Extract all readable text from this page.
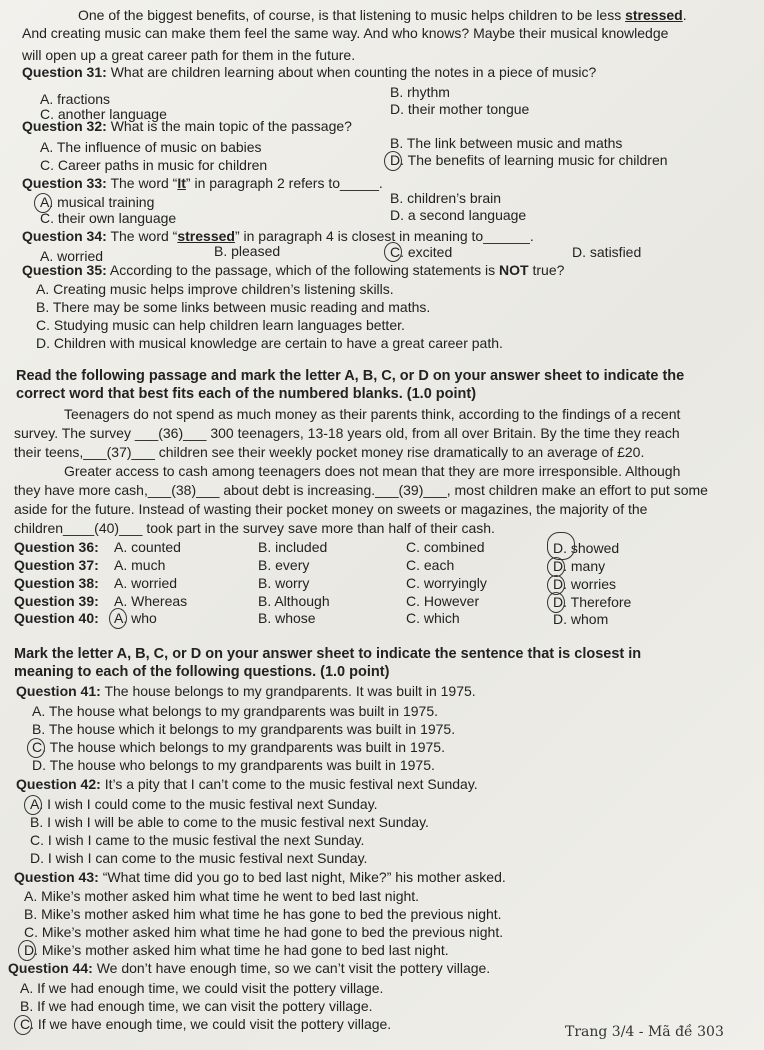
One of the biggest benefits, of course, is that listening to music helps children to be less stressed.
And creating music can make them feel the same way. And who knows? Maybe their musical knowledge
will open up a great career path for them in the future.
Question 31: What are children learning about when counting the notes in a piece of music?
A. fractions	B. rhythm
C. another language	D. their mother tongue
Question 32: What is the main topic of the passage?
A. The influence of music on babies	B. The link between music and maths
C. Career paths in music for children	D. The benefits of learning music for children
Question 33: The word “It” in paragraph 2 refers to_____.
A. musical training	B. children’s brain
C. their own language	D. a second language
Question 34: The word “stressed” in paragraph 4 is closest in meaning to______.
A. worried	B. pleased	C. excited	D. satisfied
Question 35: According to the passage, which of the following statements is NOT true?
A. Creating music helps improve children’s listening skills.
B. There may be some links between music reading and maths.
C. Studying music can help children learn languages better.
D. Children with musical knowledge are certain to have a great career path.
Read the following passage and mark the letter A, B, C, or D on your answer sheet to indicate the
correct word that best fits each of the numbered blanks. (1.0 point)
Teenagers do not spend as much money as their parents think, according to the findings of a recent
survey. The survey ___(36)___ 300 teenagers, 13-18 years old, from all over Britain. By the time they reach
their teens,___(37)___ children see their weekly pocket money rise dramatically to an average of £20.
Greater access to cash among teenagers does not mean that they are more irresponsible. Although
they have more cash,___(38)___ about debt is increasing.___(39)___, most children make an effort to put some
aside for the future. Instead of wasting their pocket money on sweets or magazines, the majority of the
children____(40)___ took part in the survey save more than half of their cash.
Question 36: A. counted	B. included	C. combined	D. showed
Question 37: A. much	B. every	C. each	D. many
Question 38: A. worried	B. worry	C. worryingly	D. worries
Question 39: A. Whereas	B. Although	C. However	D. Therefore
Question 40: A. who	B. whose	C. which	D. whom
Mark the letter A, B, C, or D on your answer sheet to indicate the sentence that is closest in
meaning to each of the following questions. (1.0 point)
Question 41: The house belongs to my grandparents. It was built in 1975.
A. The house what belongs to my grandparents was built in 1975.
B. The house which it belongs to my grandparents was built in 1975.
C. The house which belongs to my grandparents was built in 1975.
D. The house who belongs to my grandparents was built in 1975.
Question 42: It’s a pity that I can’t come to the music festival next Sunday.
A. I wish I could come to the music festival next Sunday.
B. I wish I will be able to come to the music festival next Sunday.
C. I wish I came to the music festival the next Sunday.
D. I wish I can come to the music festival next Sunday.
Question 43: “What time did you go to bed last night, Mike?” his mother asked.
A. Mike’s mother asked him what time he went to bed last night.
B. Mike’s mother asked him what time he has gone to bed the previous night.
C. Mike’s mother asked him what time he had gone to bed the previous night.
D. Mike’s mother asked him what time he had gone to bed last night.
Question 44: We don’t have enough time, so we can’t visit the pottery village.
A. If we had enough time, we could visit the pottery village.
B. If we had enough time, we can visit the pottery village.
C. If we have enough time, we could visit the pottery village.	Trang 3/4 - Mã đề 303
